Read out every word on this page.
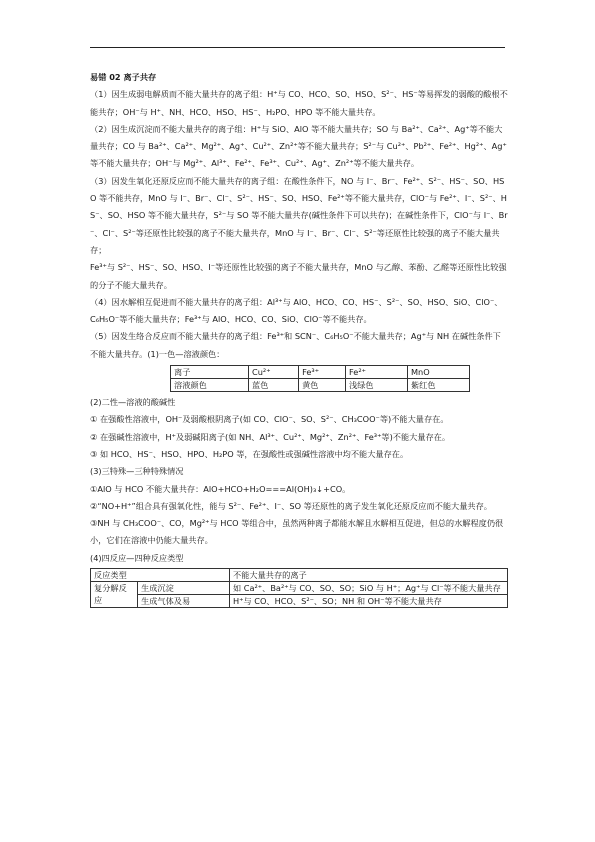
易错 02 离子共存

（1）因生成弱电解质而不能大量共存的离子组：H⁺与 CO、HCO、SO、HSO、S²⁻、HS⁻等易挥发的弱酸的酸根不能共存；OH⁻与 H⁺、NH、HCO、HSO、HS⁻、H₂PO、HPO 等不能大量共存。

（2）因生成沉淀而不能大量共存的离子组：H⁺与 SiO、AlO 等不能大量共存；SO 与 Ba²⁺、Ca²⁺、Ag⁺等不能大量共存；CO 与 Ba²⁺、Ca²⁺、Mg²⁺、Ag⁺、Cu²⁺、Zn²⁺等不能大量共存；S²⁻与 Cu²⁺、Pb²⁺、Fe²⁺、Hg²⁺、Ag⁺等不能大量共存；OH⁻与 Mg²⁺、Al³⁺、Fe²⁺、Fe³⁺、Cu²⁺、Ag⁺、Zn²⁺等不能大量共存。

（3）因发生氧化还原反应而不能大量共存的离子组：在酸性条件下，NO 与 I⁻、Br⁻、Fe²⁺、S²⁻、HS⁻、SO、HSO 等不能共存，MnO 与 I⁻、Br⁻、Cl⁻、S²⁻、HS⁻、SO、HSO、Fe²⁺等不能大量共存，ClO⁻与 Fe²⁺、I⁻、S²⁻、HS⁻、SO、HSO 等不能大量共存，S²⁻与 SO 等不能大量共存(碱性条件下可以共存)；在碱性条件下，ClO⁻与 I⁻、Br⁻、Cl⁻、S²⁻等还原性比较强的离子不能大量共存，MnO 与 I⁻、Br⁻、Cl⁻、S²⁻等还原性比较强的离子不能大量共存；

Fe³⁺与 S²⁻、HS⁻、SO、HSO、I⁻等还原性比较强的离子不能大量共存，MnO 与乙醇、苯酚、乙醛等还原性比较强的分子不能大量共存。

（4）因水解相互促进而不能大量共存的离子组：Al³⁺与 AlO、HCO、CO、HS⁻、S²⁻、SO、HSO、SiO、ClO⁻、C₆H₅O⁻等不能大量共存；Fe³⁺与 AlO、HCO、CO、SiO、ClO⁻等不能共存。

（5）因发生络合反应而不能大量共存的离子组：Fe³⁺和 SCN⁻、C₆H₅O⁻不能大量共存；Ag⁺与 NH 在碱性条件下不能大量共存。(1)一色—溶液颜色：

离子	Cu²⁺	Fe³⁺	Fe²⁺	MnO
溶液颜色	蓝色	黄色	浅绿色	紫红色

(2)二性—溶液的酸碱性

① 在强酸性溶液中，OH⁻及弱酸根阴离子(如 CO、ClO⁻、SO、S²⁻、CH₃COO⁻等)不能大量存在。

② 在强碱性溶液中，H⁺及弱碱阳离子(如 NH、Al³⁺、Cu²⁺、Mg²⁺、Zn²⁺、Fe³⁺等)不能大量存在。

③ 如 HCO、HS⁻、HSO、HPO、H₂PO 等，在强酸性或强碱性溶液中均不能大量存在。

(3)三特殊—三种特殊情况

①AlO 与 HCO 不能大量共存：AlO+HCO+H₂O===Al(OH)₃↓+CO。

②“NO+H⁺”组合具有强氧化性，能与 S²⁻、Fe²⁺、I⁻、SO 等还原性的离子发生氧化还原反应而不能大量共存。

③NH 与 CH₃COO⁻、CO，Mg²⁺与 HCO 等组合中，虽然两种离子都能水解且水解相互促进，但总的水解程度仍很小，它们在溶液中仍能大量共存。

(4)四反应—四种反应类型

反应类型		不能大量共存的离子
复分解反应	生成沉淀	如 Ca²⁺、Ba²⁺与 CO、SO、SO；SiO 与 H⁺；Ag⁺与 Cl⁻等不能大量共存
	生成气体及易	H⁺与 CO、HCO、S²⁻、SO；NH 和 OH⁻等不能大量共存
